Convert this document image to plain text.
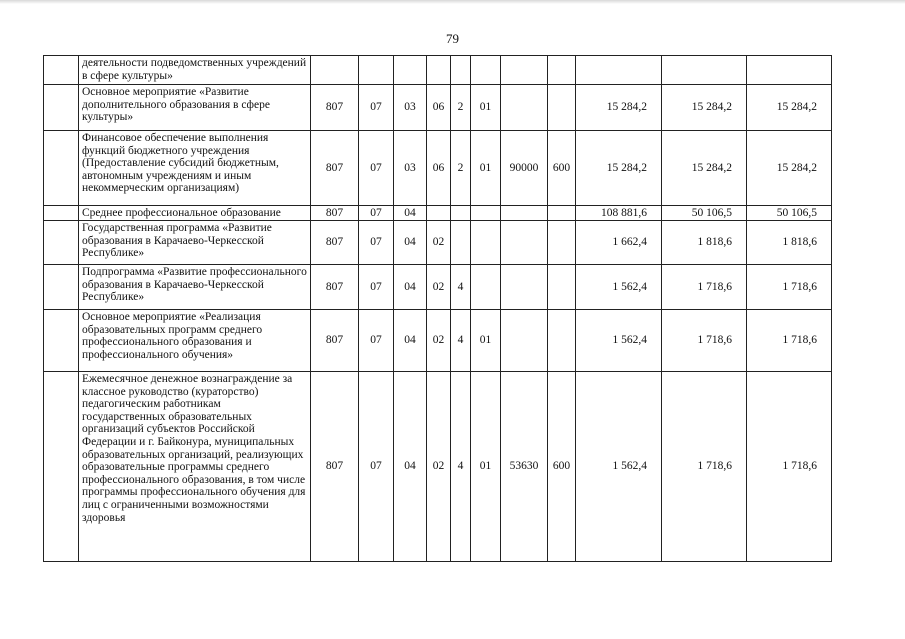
79
	деятельности подведомственных учреждений в сфере культуры»											
	Основное мероприятие «Развитие дополнительного образования в сфере культуры»	807	07	03	06	2	01			15 284,2	15 284,2	15 284,2
	Финансовое обеспечение выполнения функций бюджетного учреждения (Предоставление субсидий бюджетным, автономным учреждениям и иным некоммерческим организациям)	807	07	03	06	2	01	90000	600	15 284,2	15 284,2	15 284,2
	Среднее профессиональное образование	807	07	04						108 881,6	50 106,5	50 106,5
	Государственная программа «Развитие образования в Карачаево-Черкесской Республике»	807	07	04	02					1 662,4	1 818,6	1 818,6
	Подпрограмма «Развитие профессионального образования в Карачаево-Черкесской Республике»	807	07	04	02	4				1 562,4	1 718,6	1 718,6
	Основное мероприятие «Реализация образовательных программ среднего профессионального образования и профессионального обучения»	807	07	04	02	4	01			1 562,4	1 718,6	1 718,6
	Ежемесячное денежное вознаграждение за классное руководство (кураторство) педагогическим работникам государственных образовательных организаций субъектов Российской Федерации и г. Байконура, муниципальных образовательных организаций, реализующих образовательные программы среднего профессионального образования, в том числе программы профессионального обучения для лиц с ограниченными возможностями здоровья	807	07	04	02	4	01	53630	600	1 562,4	1 718,6	1 718,6
